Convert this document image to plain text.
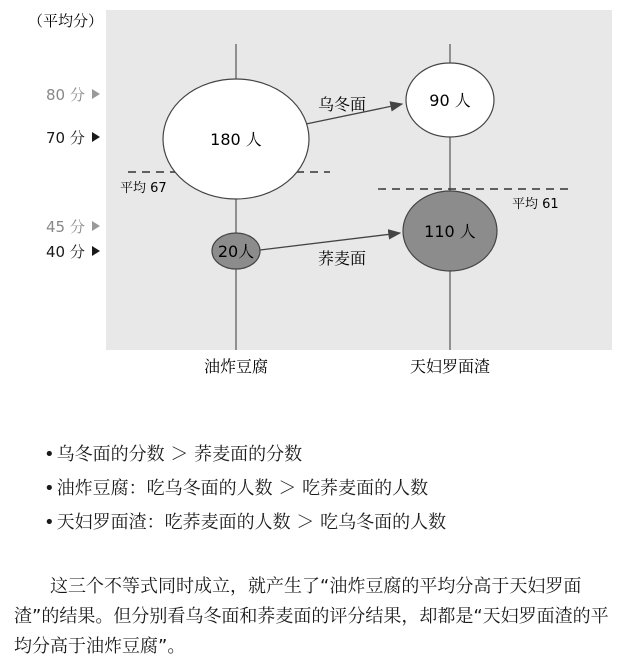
（平均分）
80 分
70 分
45 分
40 分
平均 67
平均 61
乌冬面
荞麦面
180 人
20人
90 人
110 人
油炸豆腐	天妇罗面渣
• 乌冬面的分数 ＞ 荞麦面的分数
• 油炸豆腐：吃乌冬面的人数 ＞ 吃荞麦面的人数
• 天妇罗面渣：吃荞麦面的人数 ＞ 吃乌冬面的人数

这三个不等式同时成立，就产生了“油炸豆腐的平均分高于天妇罗面渣”的结果。但分别看乌冬面和荞麦面的评分结果，却都是“天妇罗面渣的平均分高于油炸豆腐”。
